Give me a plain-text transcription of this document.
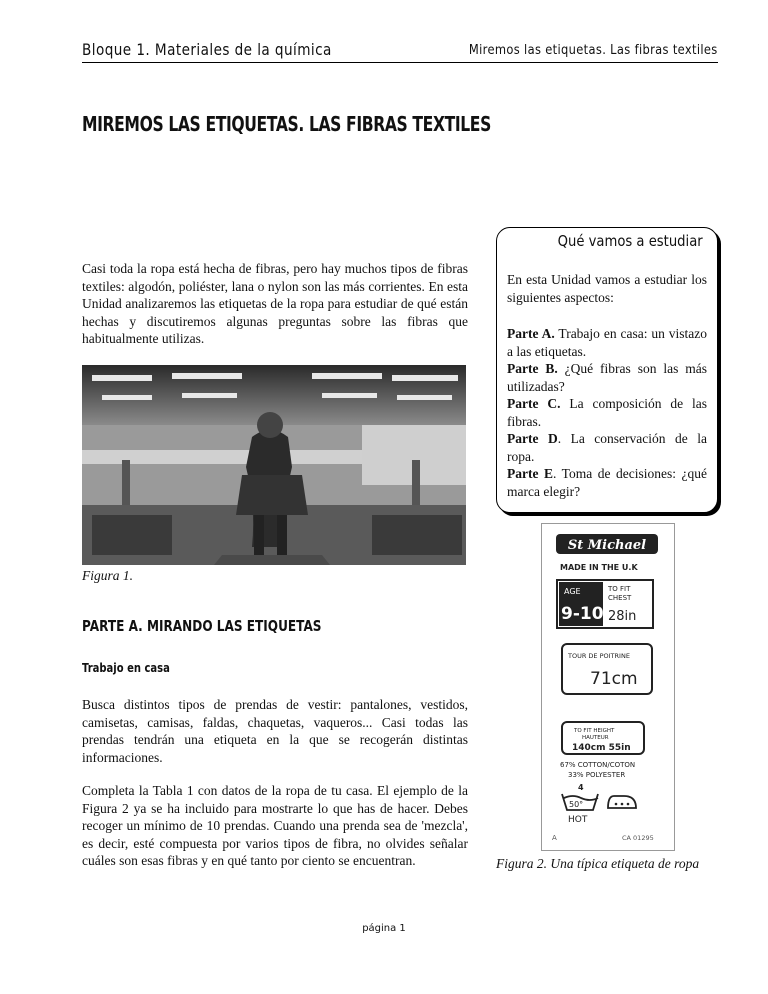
Bloque 1. Materiales de la química	Miremos las etiquetas. Las fibras textiles
MIREMOS LAS ETIQUETAS. LAS FIBRAS TEXTILES
Casi toda la ropa está hecha de fibras, pero hay muchos tipos de fibras textiles: algodón, poliéster, lana o nylon son las más corrientes. En esta Unidad analizaremos las etiquetas de la ropa para estudiar de qué están hechas y discutiremos algunas preguntas sobre las fibras que habitualmente utilizas.
Figura 1.
PARTE A. MIRANDO LAS ETIQUETAS
Trabajo en casa
Busca distintos tipos de prendas de vestir: pantalones, vestidos, camisetas, camisas, faldas, chaquetas, vaqueros... Casi todas las prendas tendrán una etiqueta en la que se recogerán distintas informaciones.
Completa la Tabla 1 con datos de la ropa de tu casa. El ejemplo de la Figura 2 ya se ha incluido para mostrarte lo que has de hacer. Debes recoger un mínimo de 10 prendas. Cuando una prenda sea de 'mezcla', es decir, esté compuesta por varios tipos de fibra, no olvides señalar cuáles son esas fibras y en qué tanto por ciento se encuentran.
Qué vamos a estudiar
En esta Unidad vamos a estudiar los siguientes aspectos:
Parte A. Trabajo en casa: un vistazo a las etiquetas.
Parte B. ¿Qué fibras son las más utilizadas?
Parte C. La composición de las fibras.
Parte D. La conservación de la ropa.
Parte E. Toma de decisiones: ¿qué marca elegir?
St Michael
MADE IN THE U.K
AGE
9-10
TO FIT
CHEST
28in
TOUR DE POITRINE
71cm
TO FIT HEIGHT
HAUTEUR
140cm 55in
67% COTTON/COTON
33% POLYESTER
4
50°
HOT
A	CA 01295
Figura 2. Una típica etiqueta de ropa
página 1
